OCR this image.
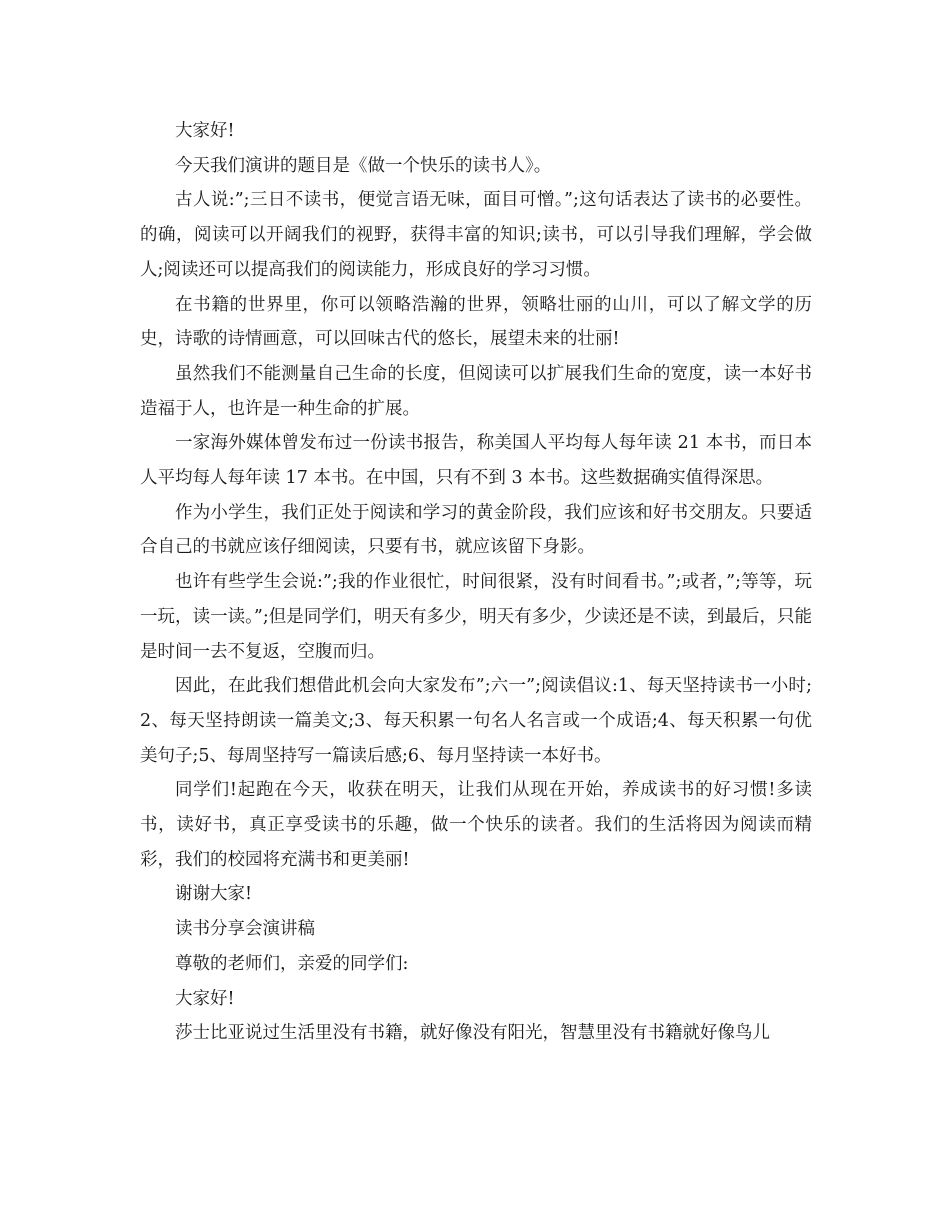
大家好!

今天我们演讲的题目是《做一个快乐的读书人》。

古人说:”;三日不读书，便觉言语无味，面目可憎。”;这句话表达了读书的必要性。的确，阅读可以开阔我们的视野，获得丰富的知识;读书，可以引导我们理解，学会做人;阅读还可以提高我们的阅读能力，形成良好的学习习惯。

在书籍的世界里，你可以领略浩瀚的世界，领略壮丽的山川，可以了解文学的历史，诗歌的诗情画意，可以回味古代的悠长，展望未来的壮丽!

虽然我们不能测量自己生命的长度，但阅读可以扩展我们生命的宽度，读一本好书造福于人，也许是一种生命的扩展。

一家海外媒体曾发布过一份读书报告，称美国人平均每人每年读 21 本书，而日本人平均每人每年读 17 本书。在中国，只有不到 3 本书。这些数据确实值得深思。

作为小学生，我们正处于阅读和学习的黄金阶段，我们应该和好书交朋友。只要适合自己的书就应该仔细阅读，只要有书，就应该留下身影。

也许有些学生会说:”;我的作业很忙，时间很紧，没有时间看书。”;或者，”;等等，玩一玩，读一读。”;但是同学们，明天有多少，明天有多少，少读还是不读，到最后，只能是时间一去不复返，空腹而归。

因此，在此我们想借此机会向大家发布”;六一”;阅读倡议:1、每天坚持读书一小时; 2、每天坚持朗读一篇美文;3、每天积累一句名人名言或一个成语;4、每天积累一句优美句子;5、每周坚持写一篇读后感;6、每月坚持读一本好书。

同学们!起跑在今天，收获在明天，让我们从现在开始，养成读书的好习惯!多读书，读好书，真正享受读书的乐趣，做一个快乐的读者。我们的生活将因为阅读而精彩，我们的校园将充满书和更美丽!

谢谢大家!

读书分享会演讲稿

尊敬的老师们，亲爱的同学们:

大家好!

莎士比亚说过生活里没有书籍，就好像没有阳光，智慧里没有书籍就好像鸟儿
